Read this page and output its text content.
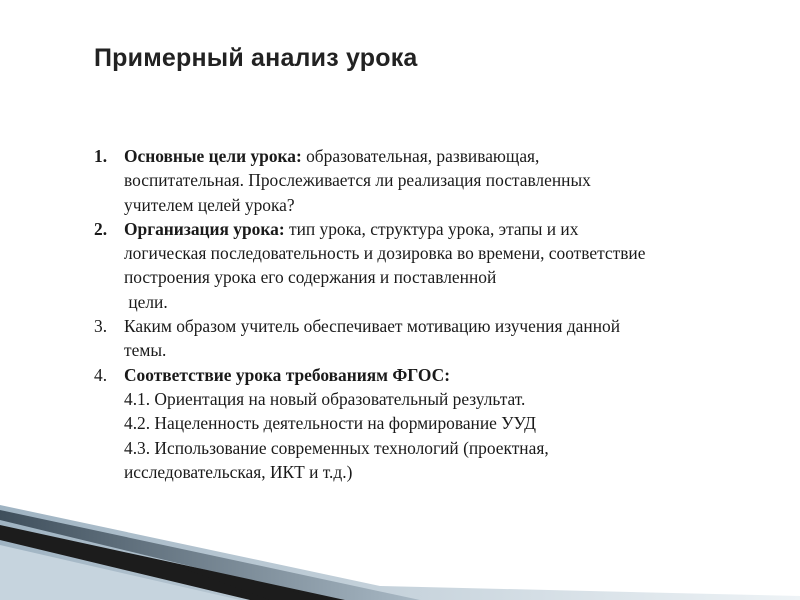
Примерный анализ урока
1. Основные цели урока: образовательная, развивающая,
воспитательная. Прослеживается ли реализация поставленных
учителем целей урока?
2. Организация урока: тип урока, структура урока, этапы и их
логическая последовательность и дозировка во времени, соответствие
построения урока его содержания и поставленной
цели.
3. Каким образом учитель обеспечивает мотивацию изучения данной
темы.
4. Соответствие урока требованиям ФГОС:
4.1. Ориентация на новый образовательный результат.
4.2. Нацеленность деятельности на формирование УУД
4.3. Использование современных технологий (проектная,
исследовательская, ИКТ и т.д.)
